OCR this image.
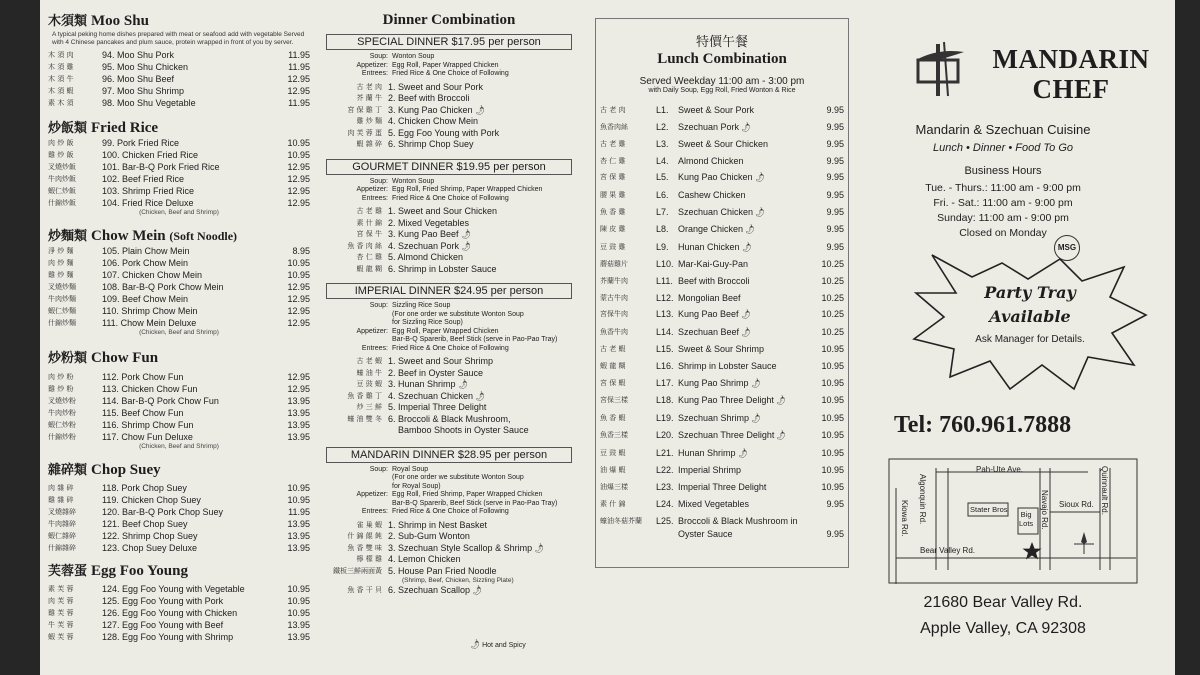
木須類 Moo Shu
A typical peking home dishes prepared with meat or seafood add with vegetable Served with 4 Chinese pancakes and plum sauce, protein wrapped in front of you by server.
木 須 肉	94. Moo Shu Pork	11.95
木 須 雞	95. Moo Shu Chicken	11.95
木 須 牛	96. Moo Shu Beef	12.95
木 須 蝦	97. Moo Shu Shrimp	12.95
素 木 須	98. Moo Shu Vegetable	11.95
炒飯類 Fried Rice
肉 炒 飯	99. Pork Fried Rice	10.95
雞 炒 飯	100. Chicken Fried Rice	10.95
叉燒炒飯	101. Bar-B-Q Pork Fried Rice	12.95
牛肉炒飯	102. Beef Fried Rice	12.95
蝦仁炒飯	103. Shrimp Fried Rice	12.95
什錦炒飯	104. Fried Rice Deluxe	12.95
(Chicken, Beef and Shrimp)
炒麵類 Chow Mein (Soft Noodle)
淨 炒 麵	105. Plain Chow Mein	8.95
肉 炒 麵	106. Pork Chow Mein	10.95
雞 炒 麵	107. Chicken Chow Mein	10.95
叉燒炒麵	108. Bar-B-Q Pork Chow Mein	12.95
牛肉炒麵	109. Beef Chow Mein	12.95
蝦仁炒麵	110. Shrimp Chow Mein	12.95
什錦炒麵	111. Chow Mein Deluxe	12.95
(Chicken, Beef and Shrimp)
炒粉類 Chow Fun
肉 炒 粉	112. Pork Chow Fun	12.95
雞 炒 粉	113. Chicken Chow Fun	12.95
叉燒炒粉	114. Bar-B-Q Pork Chow Fun	13.95
牛肉炒粉	115. Beef Chow Fun	13.95
蝦仁炒粉	116. Shrimp Chow Fun	13.95
什錦炒粉	117. Chow Fun Deluxe	13.95
(Chicken, Beef and Shrimp)
雜碎類 Chop Suey
肉 雜 碎	118. Pork Chop Suey	10.95
雞 雜 碎	119. Chicken Chop Suey	10.95
叉燒雜碎	120. Bar-B-Q Pork Chop Suey	11.95
牛肉雜碎	121. Beef Chop Suey	13.95
蝦仁雜碎	122. Shrimp Chop Suey	13.95
什錦雜碎	123. Chop Suey Deluxe	13.95
芙蓉蛋 Egg Foo Young
素 芙 蓉	124. Egg Foo Young with Vegetable	10.95
肉 芙 蓉	125. Egg Foo Young with Pork	10.95
雞 芙 蓉	126. Egg Foo Young with Chicken	10.95
牛 芙 蓉	127. Egg Foo Young with Beef	13.95
蝦 芙 蓉	128. Egg Foo Young with Shrimp	13.95
Dinner Combination
SPECIAL DINNER $17.95 per person
Soup: Wonton Soup
Appetizer: Egg Roll, Paper Wrapped Chicken
Entrees: Fried Rice & One Choice of Following
古 老 肉 1. Sweet and Sour Pork
芥 蘭 牛 2. Beef with Broccoli
宮 保 雞 丁 3. Kung Pao Chicken🌶︎
雞 炒 麵 4. Chicken Chow Mein
肉 芙 蓉 蛋 5. Egg Foo Young with Pork
蝦 雜 碎 6. Shrimp Chop Suey
GOURMET DINNER $19.95 per person
Soup: Wonton Soup
Appetizer: Egg Roll, Fried Shrimp, Paper Wrapped Chicken
Entrees: Fried Rice & One Choice of Following
古 老 雞 1. Sweet and Sour Chicken
素 什 錦 2. Mixed Vegetables
宮 保 牛 3. Kung Pao Beef🌶︎
魚 香 肉 絲 4. Szechuan Pork🌶︎
杏 仁 雞 5. Almond Chicken
蝦 龍 糊 6. Shrimp in Lobster Sauce
IMPERIAL DINNER $24.95 per person
Soup: Sizzling Rice Soup
(For one order we substitute Wonton Soup
for Sizzling Rice Soup)
Appetizer: Egg Roll, Paper Wrapped Chicken
Bar-B-Q Sparerib, Beef Stick (serve in Pao-Pao Tray)
Entrees: Fried Rice & One Choice of Following
古 老 蝦 1. Sweet and Sour Shrimp
蠔 油 牛 2. Beef in Oyster Sauce
豆 豉 蝦 3. Hunan Shrimp🌶︎
魚 香 雞 丁 4. Szechuan Chicken🌶︎
炒 三 鮮 5. Imperial Three Delight
蠔 油 雙 冬 6. Broccoli & Black Mushroom,
Bamboo Shoots in Oyster Sauce
MANDARIN DINNER $28.95 per person
Soup: Royal Soup
(For one order we substitute Wonton Soup
for Royal Soup)
Appetizer: Egg Roll, Fried Shrimp, Paper Wrapped Chicken
Bar-B-Q Sparerib, Beef Stick (serve in Pao-Pao Tray)
Entrees: Fried Rice & One Choice of Following
雀 巢 蝦 1. Shrimp in Nest Basket
什 錦 餛 飩 2. Sub-Gum Wonton
魚 香 雙 味 3. Szechuan Style Scallop & Shrimp🌶︎
檸 檬 雞 4. Lemon Chicken
鐵板三鮮兩面黃 5. House Pan Fried Noodle
(Shrimp, Beef, Chicken, Sizzling Plate)
魚 香 干 貝 6. Szechuan Scallop🌶︎
🌶︎ Hot and Spicy
特價午餐
Lunch Combination
Served Weekday 11:00 am - 3:00 pm
with Daily Soup, Egg Roll, Fried Wonton & Rice
古 老 肉	L1.	Sweet & Sour Pork	9.95
魚香肉絲	L2.	Szechuan Pork🌶︎	9.95
古 老 雞	L3.	Sweet & Sour Chicken	9.95
杏 仁 雞	L4.	Almond Chicken	9.95
宮 保 雞	L5.	Kung Pao Chicken🌶︎	9.95
腰 果 雞	L6.	Cashew Chicken	9.95
魚 香 雞	L7.	Szechuan Chicken🌶︎	9.95
陳 皮 雞	L8.	Orange Chicken🌶︎	9.95
豆 豉 雞	L9.	Hunan Chicken🌶︎	9.95
蘑菇雞片	L10. Mar-Kai-Guy-Pan	10.25
芥蘭牛肉	L11. Beef with Broccoli	10.25
蒙古牛肉	L12. Mongolian Beef	10.25
宮保牛肉	L13. Kung Pao Beef🌶︎	10.25
魚香牛肉	L14. Szechuan Beef🌶︎	10.25
古 老 蝦	L15. Sweet & Sour Shrimp	10.95
蝦 龍 糊	L16. Shrimp in Lobster Sauce	10.95
宮 保 蝦	L17. Kung Pao Shrimp🌶︎	10.95
宮保三樣	L18. Kung Pao Three Delight🌶︎	10.95
魚 香 蝦	L19. Szechuan Shrimp🌶︎	10.95
魚香三樣	L20. Szechuan Three Delight🌶︎	10.95
豆 豉 蝦	L21. Hunan Shrimp🌶︎	10.95
油 爆 蝦	L22. Imperial Shrimp	10.95
油爆三樣	L23. Imperial Three Delight	10.95
素 什 錦	L24. Mixed Vegetables	9.95
蠔油冬菇芥蘭	L25. Broccoli & Black Mushroom in
Oyster Sauce	9.95
MANDARIN
CHEF
Mandarin & Szechuan Cuisine
Lunch • Dinner • Food To Go
Business Hours
Tue. - Thurs.: 11:00 am - 9:00 pm
Fri. - Sat.: 11:00 am - 9:00 pm
Sunday: 11:00 am - 9:00 pm
Closed on Monday
MSG
Party Tray
Available
Ask Manager for Details.
Tel: 760.961.7888
Pah-Ute Ave.
Algonquin Rd.
Kiowa Rd.	Stater Bros
Big
Lots Navajo Rd. Sioux Rd. Quinnault Rd.
Bear Valley Rd.
21680 Bear Valley Rd.
Apple Valley, CA 92308
